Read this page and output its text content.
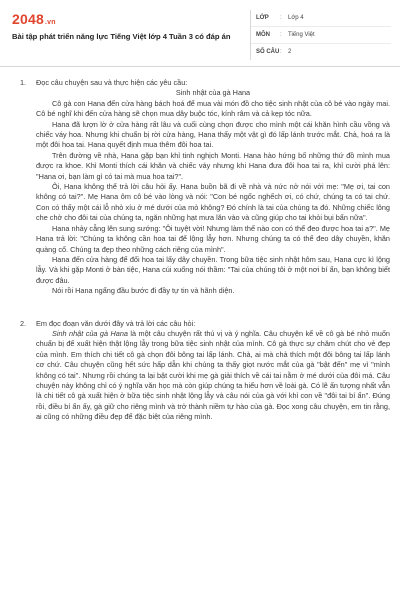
2048.vn
Bài tập phát triển năng lực Tiếng Việt lớp 4 Tuần 3 có đáp án
LỚP	:	Lớp 4
MÔN	:	Tiếng Việt
SỐ CÂU :	2
1.	Đọc câu chuyện sau và thực hiện các yêu cầu:

Sinh nhật của gà Hana

Cô gà con Hana đến cửa hàng bách hoá để mua vài món đồ cho tiệc sinh nhật của cô bé vào ngày mai. Cô bé nghĩ khi đến cửa hàng sẽ chọn mua dây buộc tóc, kính râm và cả kẹp tóc nữa.

Hana đã lượn lờ ở cửa hàng rất lâu và cuối cùng chọn được cho mình một cái khăn hình cầu vồng và chiếc váy hoa. Nhưng khi chuẩn bị rời cửa hàng, Hana thấy một vật gì đó lấp lánh trước mắt. Chà, hoá ra là một đôi hoa tai. Hana quyết định mua thêm đôi hoa tai.

Trên đường về nhà, Hana gặp bạn khỉ tinh nghịch Monti. Hana hào hứng bố những thứ đồ mình mua được ra khoe. Khỉ Monti thích cái khăn và chiếc váy nhưng khi Hana đưa đôi hoa tai ra, khỉ cười phá lên: "Hana ơi, bạn làm gì có tai mà mua hoa tai?".

Ôi, Hana không thể trả lời câu hỏi ấy. Hana buồn bã đi về nhà và nức nở nói với mẹ: "Mẹ ơi, tai con không có tai?". Mẹ Hana ôm cô bé vào lòng và nói: "Con bé ngốc nghếch ơi, có chứ, chúng ta có tai chứ. Con có thấy một cái lỗ nhỏ xíu ở mé dưới của mỏ không? Đó chính là tai của chúng ta đó. Những chiếc lông che chở cho đôi tai của chúng ta, ngăn những hạt mưa lăn vào và cũng giúp cho tai khỏi bụi bẩn nữa".

Hana nhảy cẫng lên sung sướng: "Ôi tuyệt vời! Nhưng làm thế nào con có thể đeo được hoa tai ạ?". Mẹ Hana trả lời: "Chúng ta không cần hoa tai để lộng lẫy hơn. Nhưng chúng ta có thể đeo dây chuyền, khăn quàng cổ. Chúng ta đẹp theo những cách riêng của mình".

Hana đến cửa hàng để đổi hoa tai lấy dây chuyền. Trong bữa tiệc sinh nhật hôm sau, Hana cực kì lộng lẫy. Và khi gặp Monti ở bàn tiệc, Hana cúi xuống nói thầm: "Tai của chúng tôi ở một nơi bí ẩn, bạn không biết được đâu.

Nói rồi Hana ngẩng đầu bước đi đầy tự tin và hãnh diện.

2.	Em đọc đoạn văn dưới đây và trả lời các câu hỏi:

Sinh nhật của gà Hana là một câu chuyện rất thú vị và ý nghĩa. Câu chuyện kể về cô gà bé nhỏ muốn chuẩn bị để xuất hiện thật lộng lẫy trong bữa tiệc sinh nhật của mình. Cô gà thực sự chăm chút cho vẻ đẹp của mình. Em thích chi tiết cô gà chọn đôi bông tai lấp lánh. Chà, ai mà chả thích một đôi bông tai lấp lánh cơ chứ. Câu chuyện cũng hết sức hấp dẫn khi chúng ta thấy giọt nước mắt của gà "bật đến" mẹ vì "mình không có tai". Nhưng rồi chúng ta lại bật cười khi mẹ gà giải thích về cái tai nằm ở mé dưới của đôi má. Câu chuyện này không chỉ có ý nghĩa văn học mà còn giúp chúng ta hiểu hơn về loài gà. Có lẽ ấn tượng nhất vẫn là chi tiết cô gà xuất hiện ở bữa tiệc sinh nhật lộng lẫy và câu nói của gà với khỉ con về "đôi tai bí ẩn". Đúng rồi, điều bí ẩn ấy, gà giữ cho riêng mình và trở thành niềm tự hào của gà. Đọc xong câu chuyện, em tin rằng, ai cũng có những điều đẹp để đặc biệt của riêng mình.
